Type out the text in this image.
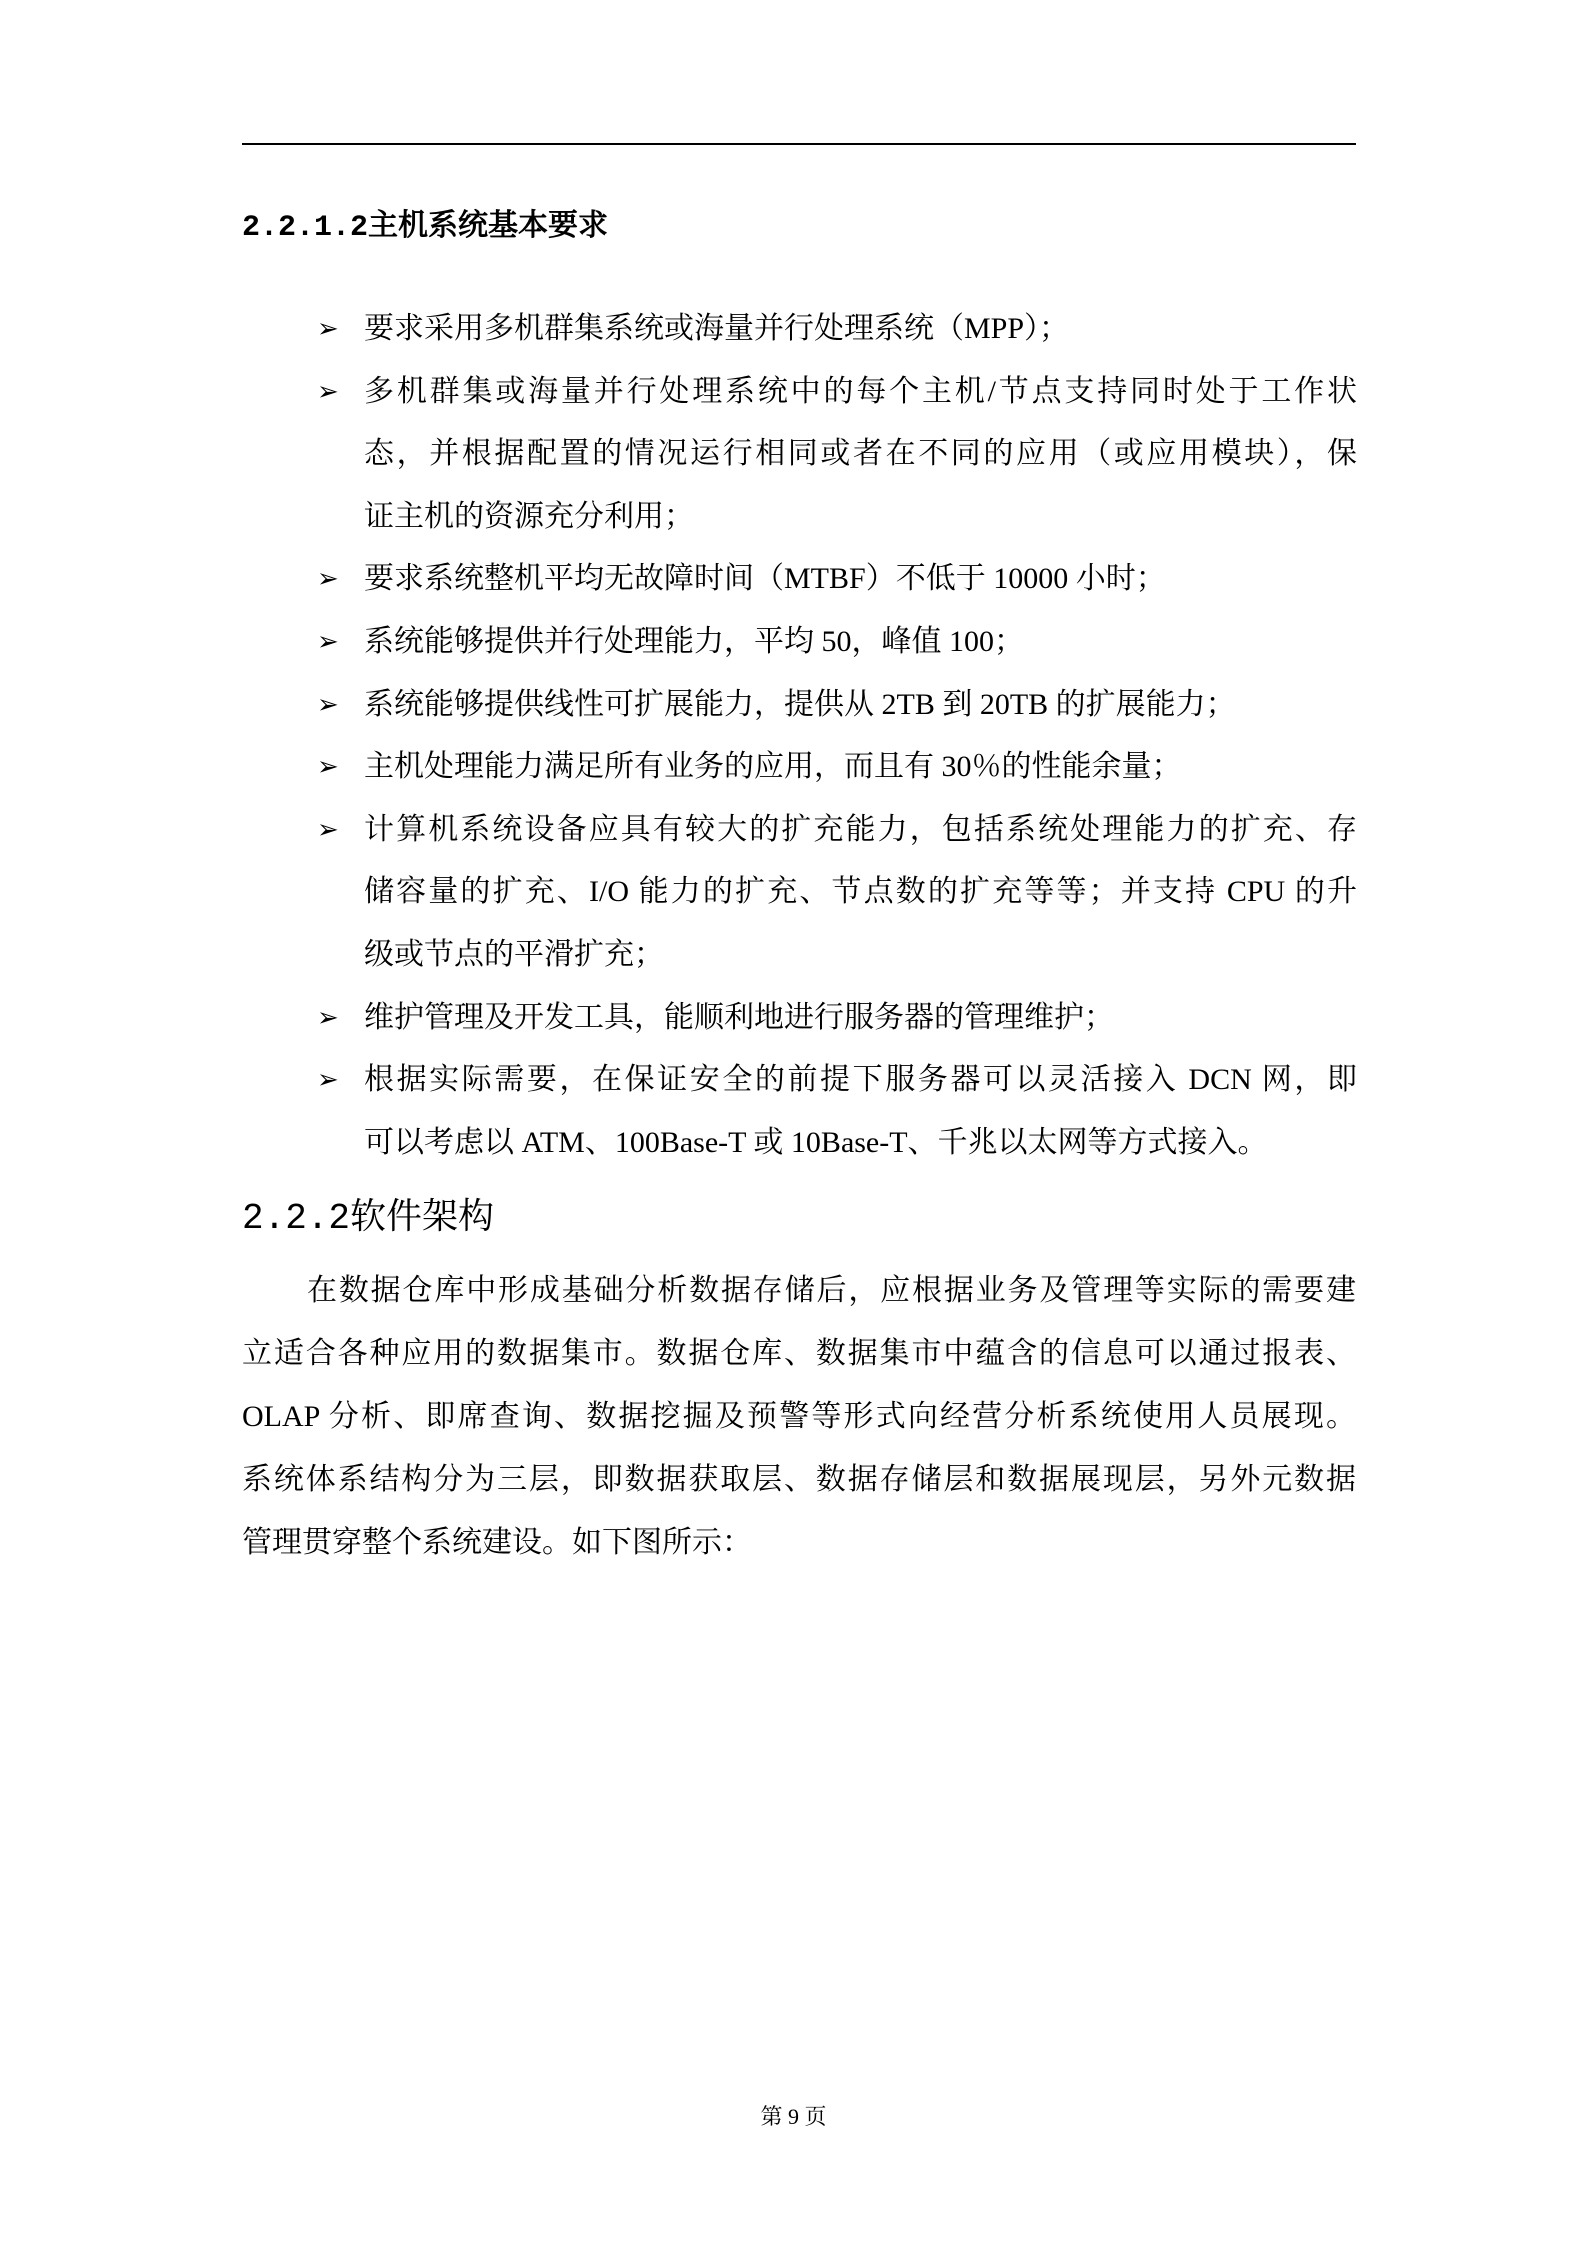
2.2.1.2主机系统基本要求
➢ 要求采用多机群集系统或海量并行处理系统（MPP）；
➢ 多机群集或海量并行处理系统中的每个主机/节点支持同时处于工作状
态，并根据配置的情况运行相同或者在不同的应用（或应用模块），保
证主机的资源充分利用；
➢ 要求系统整机平均无故障时间（MTBF）不低于 10000 小时；
➢ 系统能够提供并行处理能力，平均 50，峰值 100；
➢ 系统能够提供线性可扩展能力，提供从 2TB 到 20TB 的扩展能力；
➢ 主机处理能力满足所有业务的应用，而且有 30％的性能余量；
➢ 计算机系统设备应具有较大的扩充能力，包括系统处理能力的扩充、存
储容量的扩充、I/O 能力的扩充、节点数的扩充等等；并支持 CPU 的升
级或节点的平滑扩充；
➢ 维护管理及开发工具，能顺利地进行服务器的管理维护；
➢ 根据实际需要，在保证安全的前提下服务器可以灵活接入 DCN 网，即
可以考虑以 ATM、100Base-T 或 10Base-T、千兆以太网等方式接入。
2.2.2软件架构
在数据仓库中形成基础分析数据存储后，应根据业务及管理等实际的需要建
立适合各种应用的数据集市。数据仓库、数据集市中蕴含的信息可以通过报表、
OLAP 分析、即席查询、数据挖掘及预警等形式向经营分析系统使用人员展现。
系统体系结构分为三层，即数据获取层、数据存储层和数据展现层，另外元数据
管理贯穿整个系统建设。如下图所示：
第 9 页
